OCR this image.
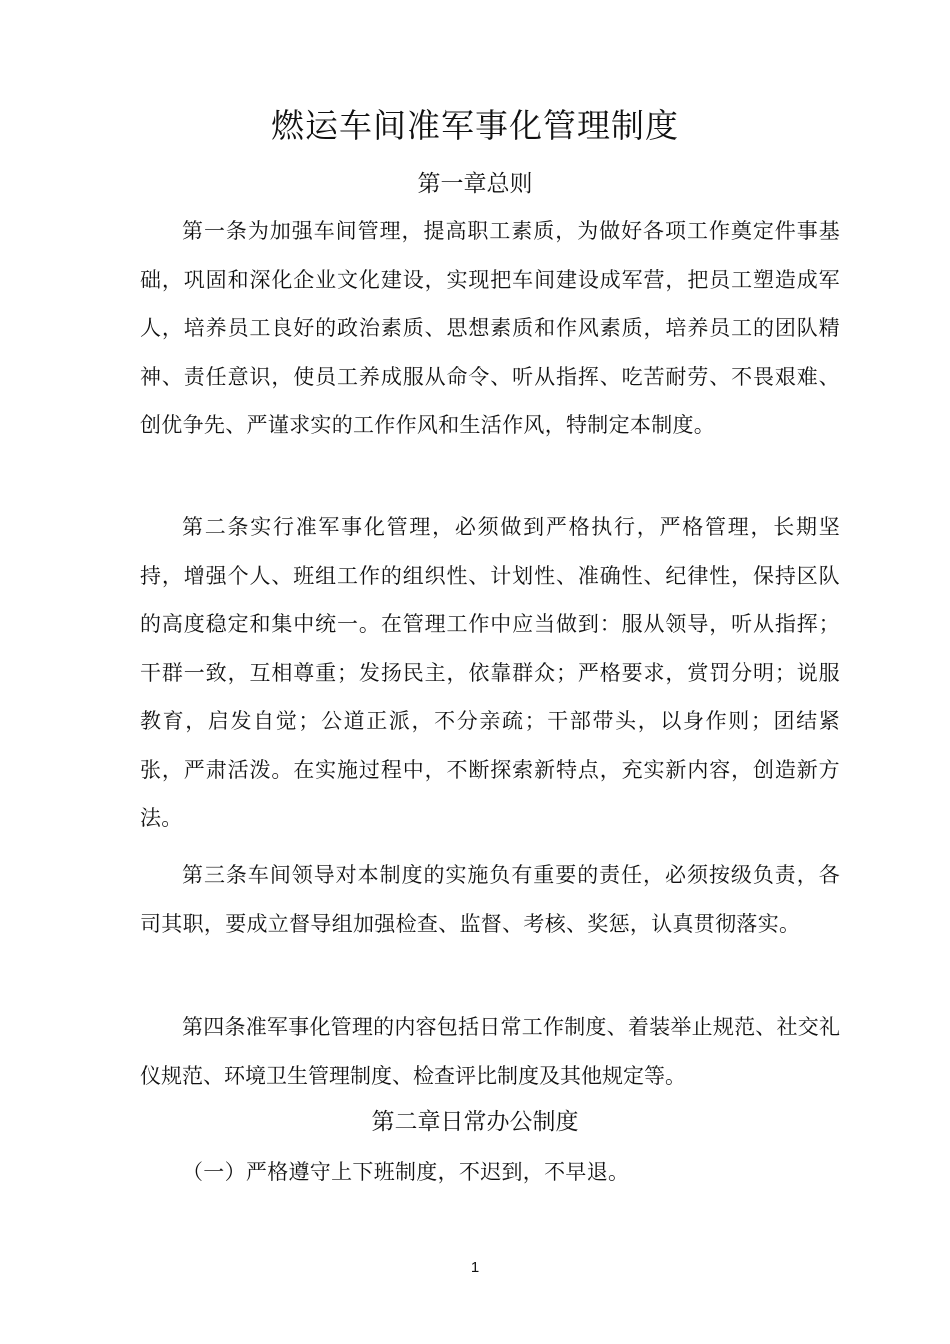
燃运车间准军事化管理制度
第一章总则

第一条为加强车间管理，提高职工素质，为做好各项工作奠定件事基础，巩固和深化企业文化建设，实现把车间建设成军营，把员工塑造成军人，培养员工良好的政治素质、思想素质和作风素质，培养员工的团队精神、责任意识，使员工养成服从命令、听从指挥、吃苦耐劳、不畏艰难、创优争先、严谨求实的工作作风和生活作风，特制定本制度。

第二条实行准军事化管理，必须做到严格执行，严格管理，长期坚持，增强个人、班组工作的组织性、计划性、准确性、纪律性，保持区队的高度稳定和集中统一。在管理工作中应当做到：服从领导，听从指挥；干群一致，互相尊重；发扬民主，依靠群众；严格要求，赏罚分明；说服教育，启发自觉；公道正派，不分亲疏；干部带头，以身作则；团结紧张，严肃活泼。在实施过程中，不断探索新特点，充实新内容，创造新方法。

第三条车间领导对本制度的实施负有重要的责任，必须按级负责，各司其职，要成立督导组加强检查、监督、考核、奖惩，认真贯彻落实。

第四条准军事化管理的内容包括日常工作制度、着装举止规范、社交礼仪规范、环境卫生管理制度、检查评比制度及其他规定等。

第二章日常办公制度

（一）严格遵守上下班制度，不迟到，不早退。

1
